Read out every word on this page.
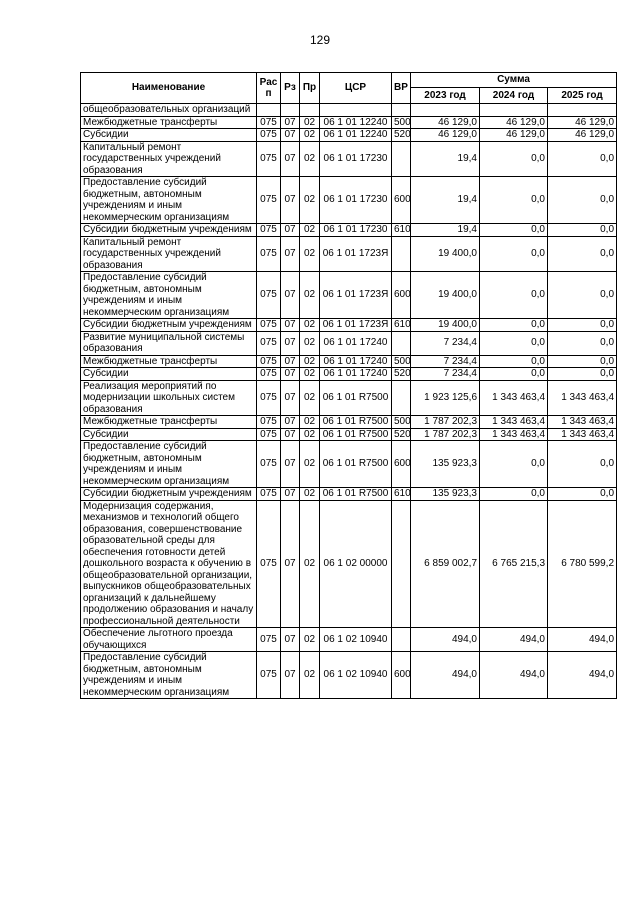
129
Наименование	Рас п	Рз	Пр	ЦСР	ВР	Сумма		
						2023 год	2024 год	2025 год
общеобразовательных организаций								
Межбюджетные трансферты	075	07	02	06 1 01 12240	500	46 129,0	46 129,0	46 129,0
Субсидии	075	07	02	06 1 01 12240	520	46 129,0	46 129,0	46 129,0
Капитальный ремонт государственных учреждений образования	075	07	02	06 1 01 17230		19,4	0,0	0,0
Предоставление субсидий бюджетным, автономным учреждениям и иным некоммерческим организациям	075	07	02	06 1 01 17230	600	19,4	0,0	0,0
Субсидии бюджетным учреждениям	075	07	02	06 1 01 17230	610	19,4	0,0	0,0
Капитальный ремонт государственных учреждений образования	075	07	02	06 1 01 1723Я		19 400,0	0,0	0,0
Предоставление субсидий бюджетным, автономным учреждениям и иным некоммерческим организациям	075	07	02	06 1 01 1723Я	600	19 400,0	0,0	0,0
Субсидии бюджетным учреждениям	075	07	02	06 1 01 1723Я	610	19 400,0	0,0	0,0
Развитие муниципальной системы образования	075	07	02	06 1 01 17240		7 234,4	0,0	0,0
Межбюджетные трансферты	075	07	02	06 1 01 17240	500	7 234,4	0,0	0,0
Субсидии	075	07	02	06 1 01 17240	520	7 234,4	0,0	0,0
Реализация мероприятий по модернизации школьных систем образования	075	07	02	06 1 01 R7500		1 923 125,6	1 343 463,4	1 343 463,4
Межбюджетные трансферты	075	07	02	06 1 01 R7500	500	1 787 202,3	1 343 463,4	1 343 463,4
Субсидии	075	07	02	06 1 01 R7500	520	1 787 202,3	1 343 463,4	1 343 463,4
Предоставление субсидий бюджетным, автономным учреждениям и иным некоммерческим организациям	075	07	02	06 1 01 R7500	600	135 923,3	0,0	0,0
Субсидии бюджетным учреждениям	075	07	02	06 1 01 R7500	610	135 923,3	0,0	0,0
Модернизация содержания, механизмов и технологий общего образования, совершенствование образовательной среды для обеспечения готовности детей дошкольного возраста к обучению в общеобразовательной организации, выпускников общеобразовательных организаций к дальнейшему продолжению образования и началу профессиональной деятельности	075	07	02	06 1 02 00000		6 859 002,7	6 765 215,3	6 780 599,2
Обеспечение льготного проезда обучающихся	075	07	02	06 1 02 10940		494,0	494,0	494,0
Предоставление субсидий бюджетным, автономным учреждениям и иным некоммерческим организациям	075	07	02	06 1 02 10940	600	494,0	494,0	494,0
